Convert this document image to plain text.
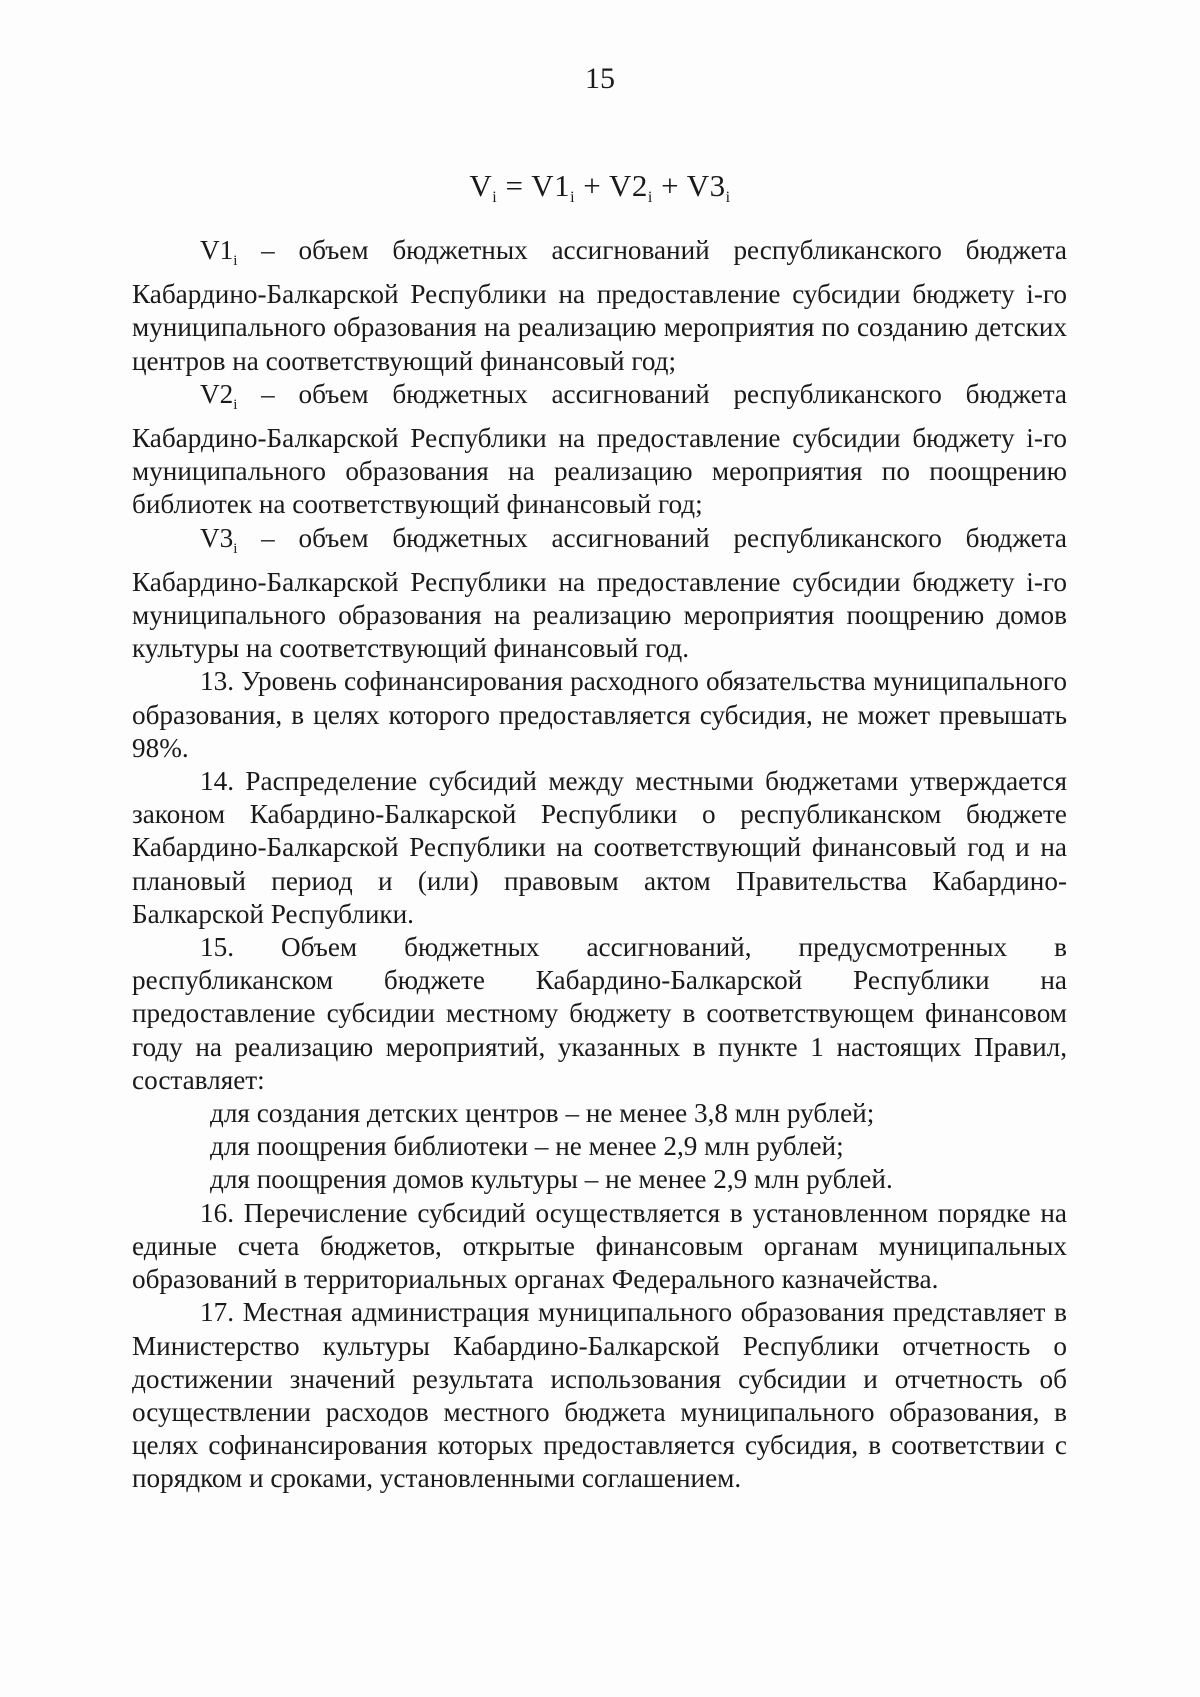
15
$V_i = V1_i + V2_i + V3_i$

$V1_i$ – объем бюджетных ассигнований республиканского бюджета Кабардино-Балкарской Республики на предоставление субсидии бюджету i-го муниципального образования на реализацию мероприятия по созданию детских центров на соответствующий финансовый год;

$V2_i$ – объем бюджетных ассигнований республиканского бюджета Кабардино-Балкарской Республики на предоставление субсидии бюджету i-го муниципального образования на реализацию мероприятия по поощрению библиотек на соответствующий финансовый год;

$V3_i$ – объем бюджетных ассигнований республиканского бюджета Кабардино-Балкарской Республики на предоставление субсидии бюджету i-го муниципального образования на реализацию мероприятия поощрению домов культуры на соответствующий финансовый год.

13. Уровень софинансирования расходного обязательства муниципального образования, в целях которого предоставляется субсидия, не может превышать 98%.

14. Распределение субсидий между местными бюджетами утверждается законом Кабардино-Балкарской Республики о республиканском бюджете Кабардино-Балкарской Республики на соответствующий финансовый год и на плановый период и (или) правовым актом Правительства Кабардино-Балкарской Республики.

15. Объем бюджетных ассигнований, предусмотренных в республиканском бюджете Кабардино-Балкарской Республики на предоставление субсидии местному бюджету в соответствующем финансовом году на реализацию мероприятий, указанных в пункте 1 настоящих Правил, составляет:

для создания детских центров – не менее 3,8 млн рублей;

для поощрения библиотеки – не менее 2,9 млн рублей;

для поощрения домов культуры – не менее 2,9 млн рублей.

16. Перечисление субсидий осуществляется в установленном порядке на единые счета бюджетов, открытые финансовым органам муниципальных образований в территориальных органах Федерального казначейства.

17. Местная администрация муниципального образования представляет в Министерство культуры Кабардино-Балкарской Республики отчетность о достижении значений результата использования субсидии и отчетность об осуществлении расходов местного бюджета муниципального образования, в целях софинансирования которых предоставляется субсидия, в соответствии с порядком и сроками, установленными соглашением.
